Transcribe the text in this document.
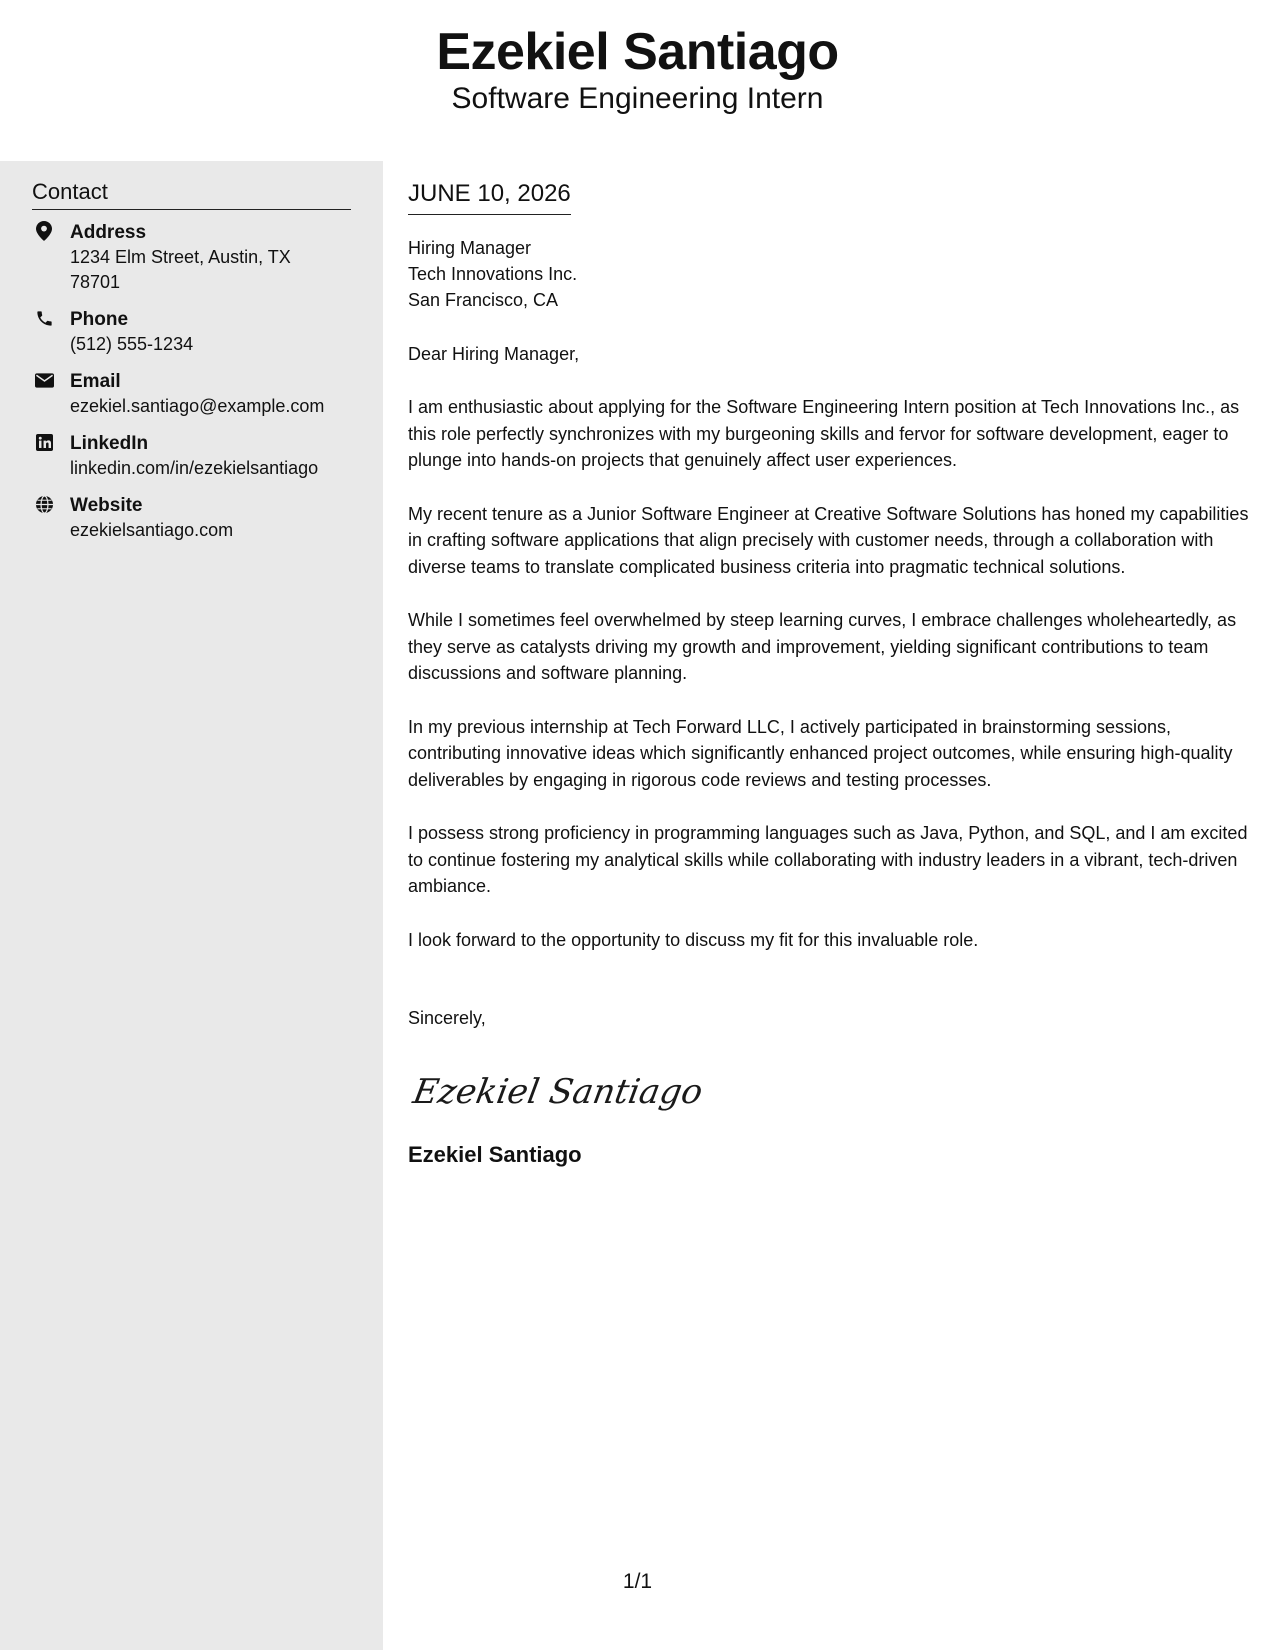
Ezekiel Santiago
Software Engineering Intern
Contact
Address
1234 Elm Street, Austin, TX 78701
Phone
(512) 555-1234
Email
ezekiel.santiago@example.com
LinkedIn
linkedin.com/in/ezekielsantiago
Website
ezekielsantiago.com
JUNE 10, 2026
Hiring Manager
Tech Innovations Inc.
San Francisco, CA
Dear Hiring Manager,

I am enthusiastic about applying for the Software Engineering Intern position at Tech Innovations Inc., as this role perfectly synchronizes with my burgeoning skills and fervor for software development, eager to plunge into hands-on projects that genuinely affect user experiences.

My recent tenure as a Junior Software Engineer at Creative Software Solutions has honed my capabilities in crafting software applications that align precisely with customer needs, through a collaboration with diverse teams to translate complicated business criteria into pragmatic technical solutions.

While I sometimes feel overwhelmed by steep learning curves, I embrace challenges wholeheartedly, as they serve as catalysts driving my growth and improvement, yielding significant contributions to team discussions and software planning.

In my previous internship at Tech Forward LLC, I actively participated in brainstorming sessions, contributing innovative ideas which significantly enhanced project outcomes, while ensuring high-quality deliverables by engaging in rigorous code reviews and testing processes.

I possess strong proficiency in programming languages such as Java, Python, and SQL, and I am excited to continue fostering my analytical skills while collaborating with industry leaders in a vibrant, tech-driven ambiance.

I look forward to the opportunity to discuss my fit for this invaluable role.

Sincerely,
Ezekiel Santiago
Ezekiel Santiago
1/1
